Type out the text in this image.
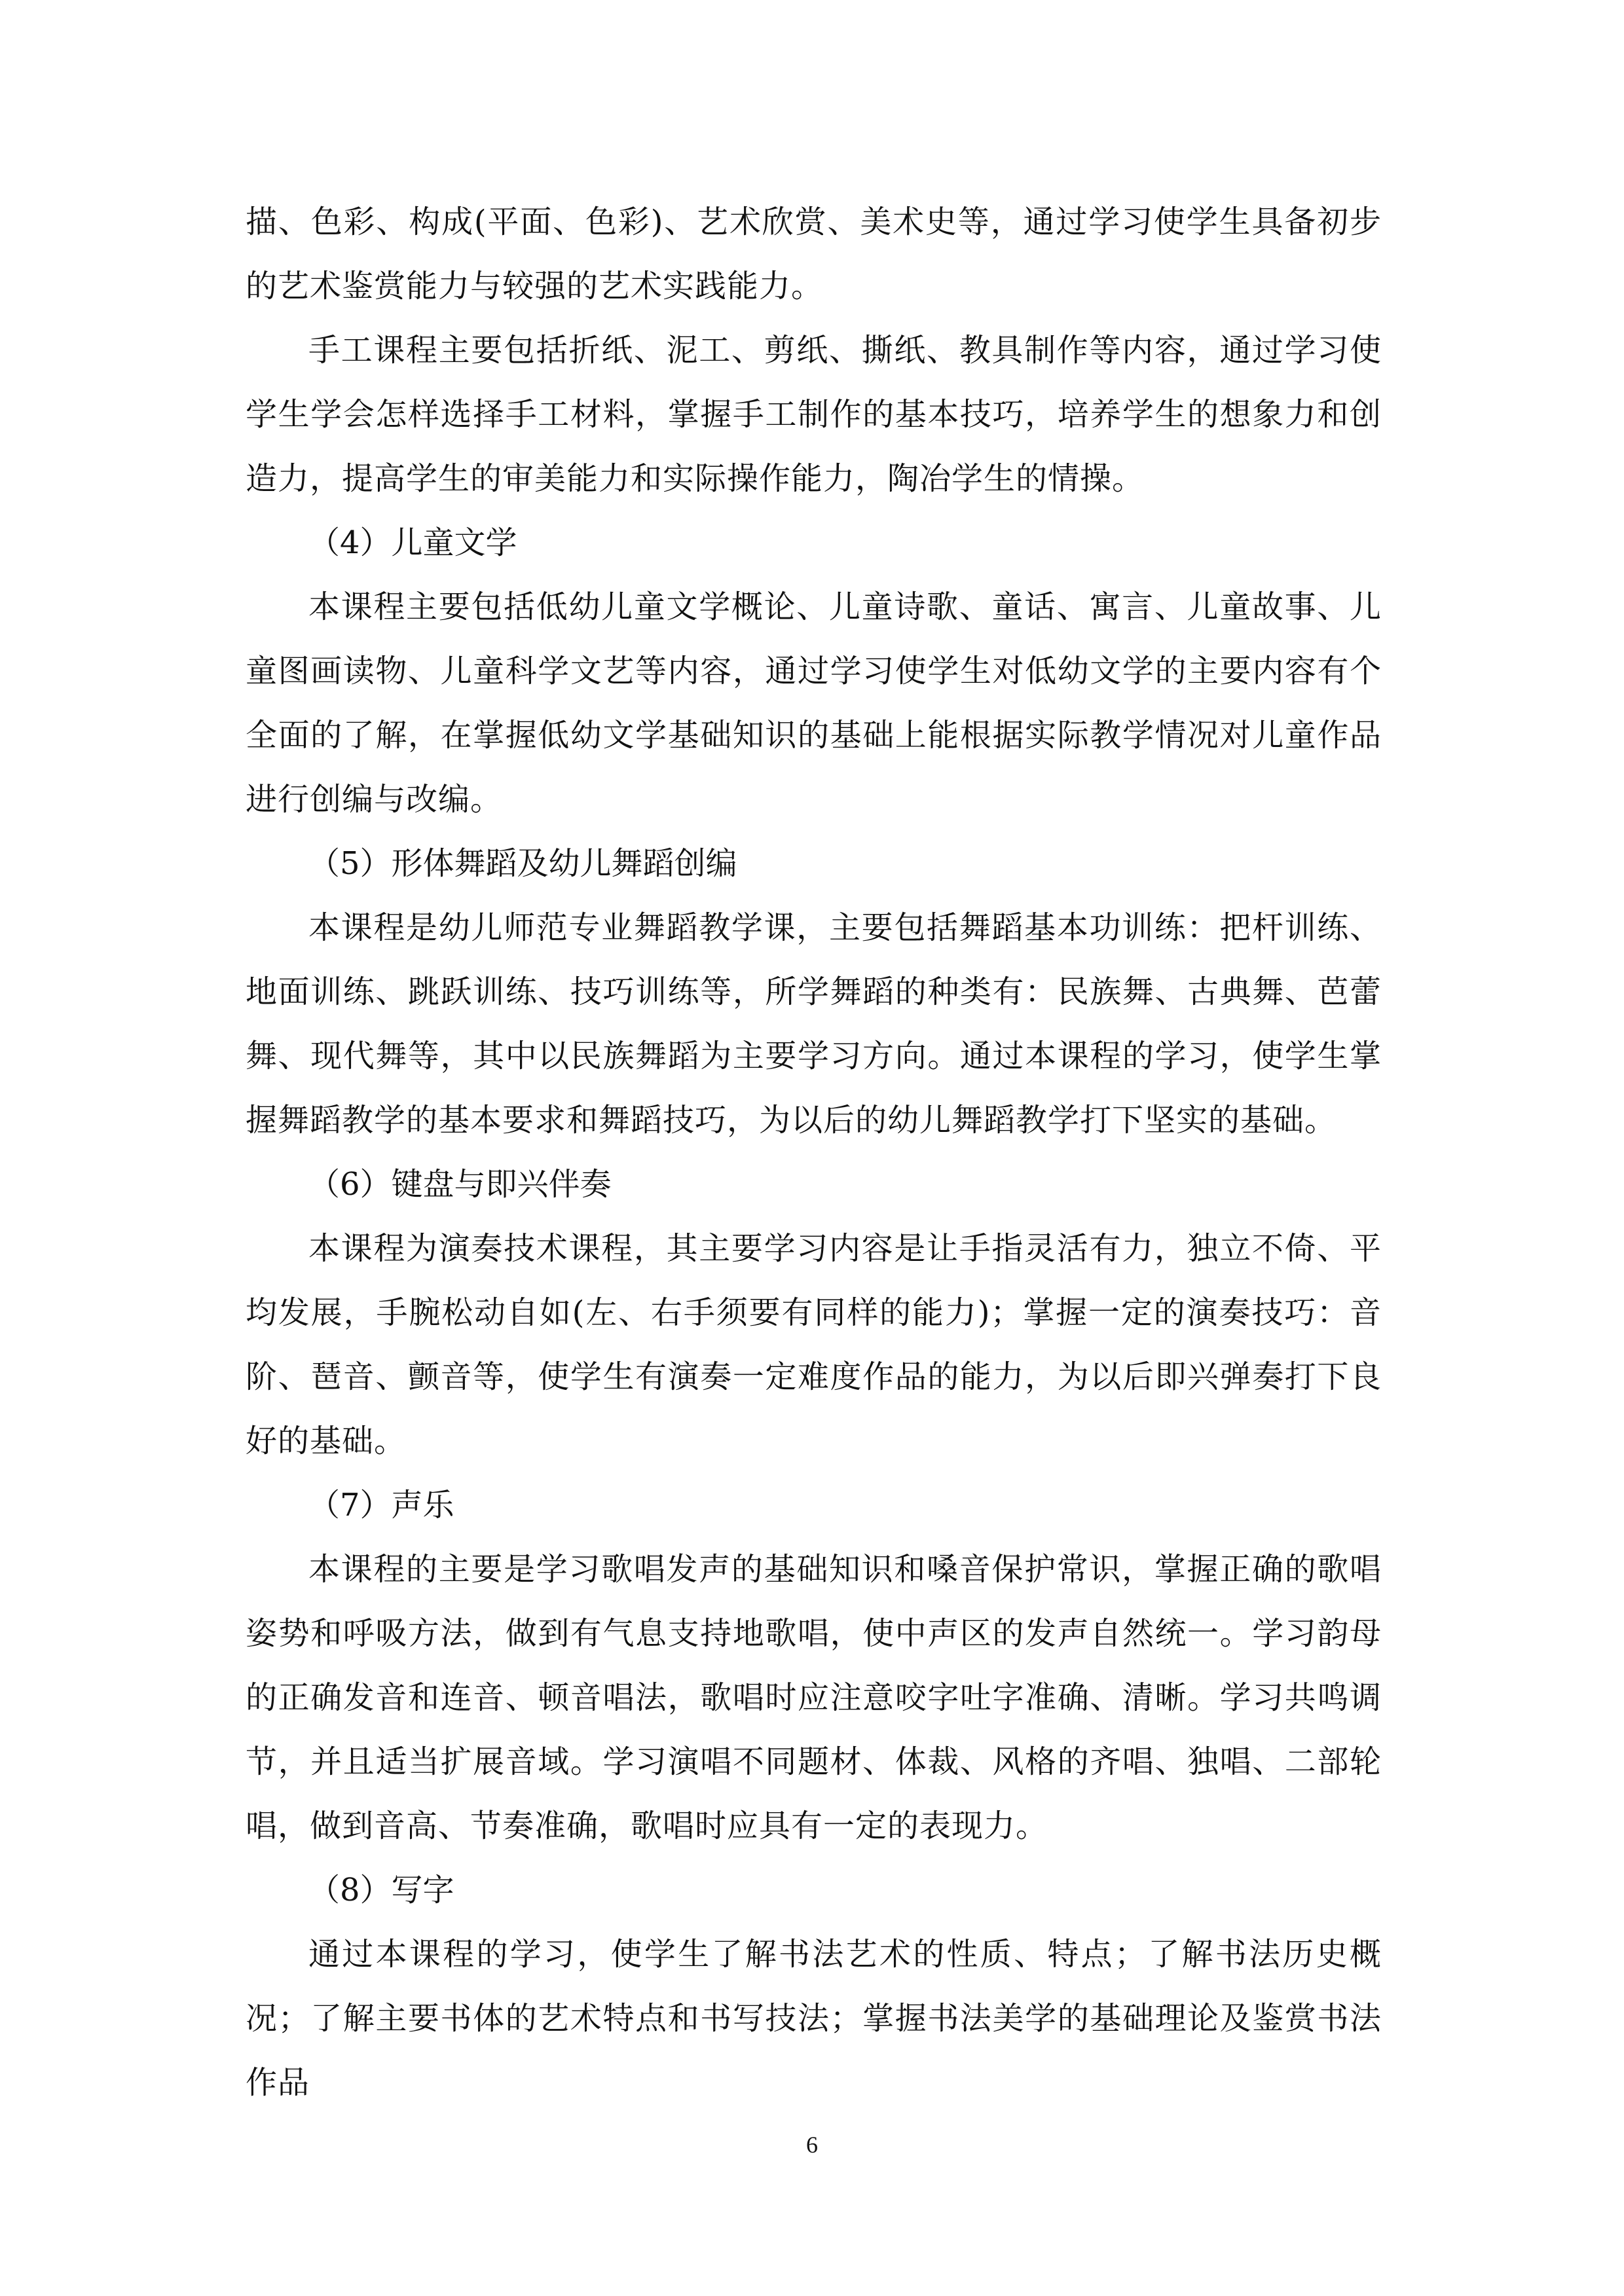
描、色彩、构成(平面、色彩)、艺术欣赏、美术史等，通过学习使学生具备初步的艺术鉴赏能力与较强的艺术实践能力。

手工课程主要包括折纸、泥工、剪纸、撕纸、教具制作等内容，通过学习使学生学会怎样选择手工材料，掌握手工制作的基本技巧，培养学生的想象力和创造力，提高学生的审美能力和实际操作能力，陶冶学生的情操。

（4）儿童文学

本课程主要包括低幼儿童文学概论、儿童诗歌、童话、寓言、儿童故事、儿童图画读物、儿童科学文艺等内容，通过学习使学生对低幼文学的主要内容有个全面的了解，在掌握低幼文学基础知识的基础上能根据实际教学情况对儿童作品进行创编与改编。

（5）形体舞蹈及幼儿舞蹈创编

本课程是幼儿师范专业舞蹈教学课，主要包括舞蹈基本功训练：把杆训练、地面训练、跳跃训练、技巧训练等，所学舞蹈的种类有：民族舞、古典舞、芭蕾舞、现代舞等，其中以民族舞蹈为主要学习方向。通过本课程的学习，使学生掌握舞蹈教学的基本要求和舞蹈技巧，为以后的幼儿舞蹈教学打下坚实的基础。

（6）键盘与即兴伴奏

本课程为演奏技术课程，其主要学习内容是让手指灵活有力，独立不倚、平均发展，手腕松动自如(左、右手须要有同样的能力)；掌握一定的演奏技巧：音阶、琶音、颤音等，使学生有演奏一定难度作品的能力，为以后即兴弹奏打下良好的基础。

（7）声乐

本课程的主要是学习歌唱发声的基础知识和嗓音保护常识，掌握正确的歌唱姿势和呼吸方法，做到有气息支持地歌唱，使中声区的发声自然统一。学习韵母的正确发音和连音、顿音唱法，歌唱时应注意咬字吐字准确、清晰。学习共鸣调节，并且适当扩展音域。学习演唱不同题材、体裁、风格的齐唱、独唱、二部轮唱，做到音高、节奏准确，歌唱时应具有一定的表现力。

（8）写字

通过本课程的学习，使学生了解书法艺术的性质、特点；了解书法历史概况；了解主要书体的艺术特点和书写技法；掌握书法美学的基础理论及鉴赏书法作品

6
